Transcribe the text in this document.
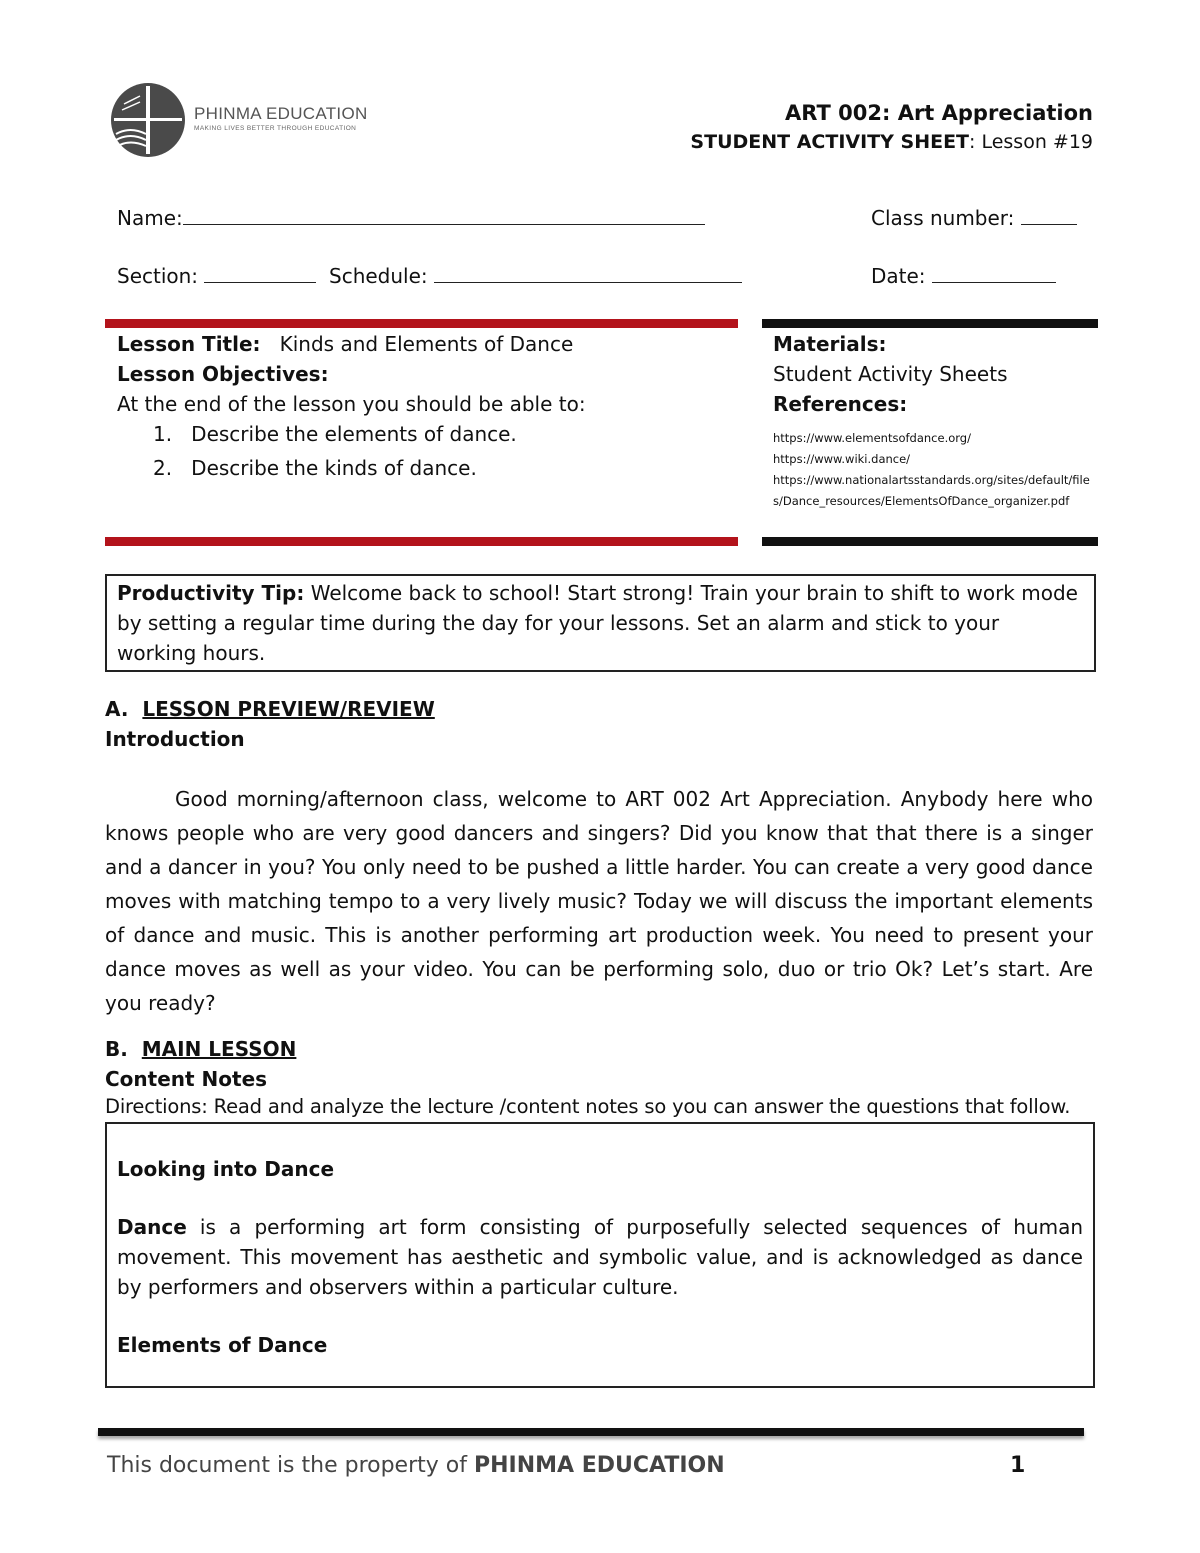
PHINMA EDUCATION
MAKING LIVES BETTER THROUGH EDUCATION
ART 002: Art Appreciation
STUDENT ACTIVITY SHEET: Lesson #19
Name:	Class number:
Section:	Schedule:	Date:
Lesson Title: Kinds and Elements of Dance
Lesson Objectives:
At the end of the lesson you should be able to:
1. Describe the elements of dance.
2. Describe the kinds of dance.
Materials:
Student Activity Sheets
References:
https://www.elementsofdance.org/
https://www.wiki.dance/
https://www.nationalartsstandards.org/sites/default/files/Dance_resources/ElementsOfDance_organizer.pdf
Productivity Tip: Welcome back to school! Start strong! Train your brain to shift to work mode by setting a regular time during the day for your lessons. Set an alarm and stick to your working hours.
A. LESSON PREVIEW/REVIEW
Introduction
Good morning/afternoon class, welcome to ART 002 Art Appreciation. Anybody here who knows people who are very good dancers and singers? Did you know that that there is a singer and a dancer in you? You only need to be pushed a little harder. You can create a very good dance moves with matching tempo to a very lively music? Today we will discuss the important elements of dance and music. This is another performing art production week. You need to present your dance moves as well as your video. You can be performing solo, duo or trio Ok? Let’s start. Are you ready?
B. MAIN LESSON
Content Notes
Directions: Read and analyze the lecture /content notes so you can answer the questions that follow.

Looking into Dance

Dance is a performing art form consisting of purposefully selected sequences of human movement. This movement has aesthetic and symbolic value, and is acknowledged as dance by performers and observers within a particular culture.

Elements of Dance

This document is the property of PHINMA EDUCATION	1
